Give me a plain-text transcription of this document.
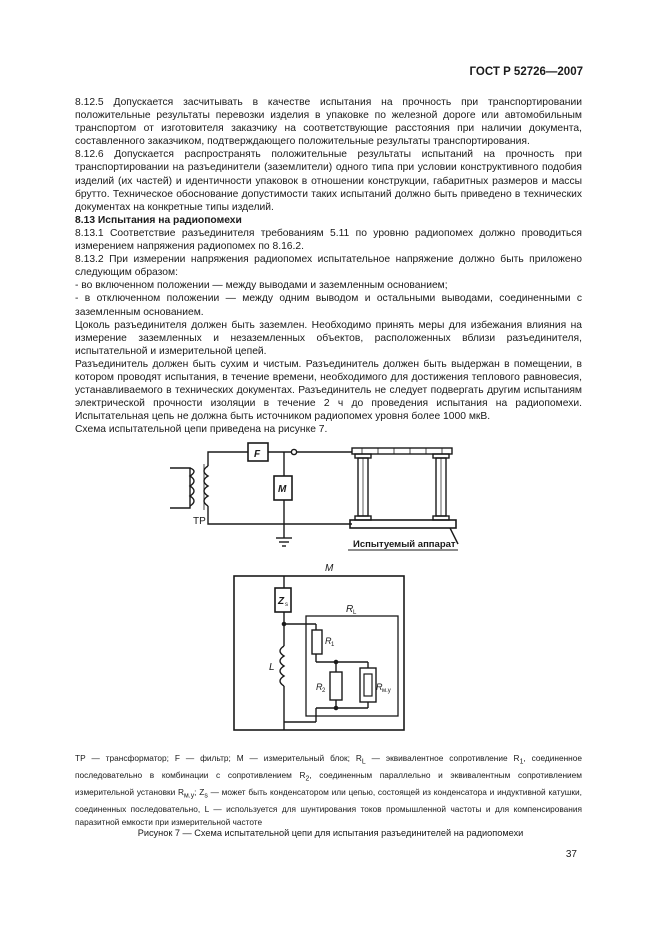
ГОСТ Р 52726—2007

8.12.5 Допускается засчитывать в качестве испытания на прочность при транспортировании положительные результаты перевозки изделия в упаковке по железной дороге или автомобильным транспортом от изготовителя заказчику на соответствующие расстояния при наличии документа, составленного заказчиком, подтверждающего положительные результаты транспортирования.

8.12.6 Допускается распространять положительные результаты испытаний на прочность при транспортировании на разъединители (заземлители) одного типа при условии конструктивного подобия изделий (их частей) и идентичности упаковок в отношении конструкции, габаритных размеров и массы брутто. Техническое обоснование допустимости таких испытаний должно быть приведено в технических документах на конкретные типы изделий.

8.13 Испытания на радиопомехи

8.13.1 Соответствие разъединителя требованиям 5.11 по уровню радиопомех должно проводиться измерением напряжения радиопомех по 8.16.2.

8.13.2 При измерении напряжения радиопомех испытательное напряжение должно быть приложено следующим образом:

- во включенном положении — между выводами и заземленным основанием;

- в отключенном положении — между одним выводом и остальными выводами, соединенными с заземленным основанием.

Цоколь разъединителя должен быть заземлен. Необходимо принять меры для избежания влияния на измерение заземленных и незаземленных объектов, расположенных вблизи разъединителя, испытательной и измерительной цепей.

Разъединитель должен быть сухим и чистым. Разъединитель должен быть выдержан в помещении, в котором проводят испытания, в течение времени, необходимого для достижения теплового равновесия, устанавливаемого в технических документах. Разъединитель не следует подвергать другим испытаниям электрической прочности изоляции в течение 2 ч до проведения испытания на радиопомехи. Испытательная цепь не должна быть источником радиопомех уровня более 1000 мкВ.

Схема испытательной цепи приведена на рисунке 7.

ТР
F
M
Испытуемый аппарат
M
Z s	R L
R 1
R 2	R м.у
L
ТР — трансформатор; F — фильтр; M — измерительный блок; $R_L$ — эквивалентное сопротивление $R_1$, соединенное последовательно в комбинации с сопротивлением $R_2$, соединенным параллельно и эквивалентным сопротивлением измерительной установки $R_{м.у}$; $Z_s$ — может быть конденсатором или цепью, состоящей из конденсатора и индуктивной катушки, соединенных последовательно, L — используется для шунтирования токов промышленной частоты и для компенсирования паразитной емкости при измерительной частоте
Рисунок 7 — Схема испытательной цепи для испытания разъединителей на радиопомехи
37
